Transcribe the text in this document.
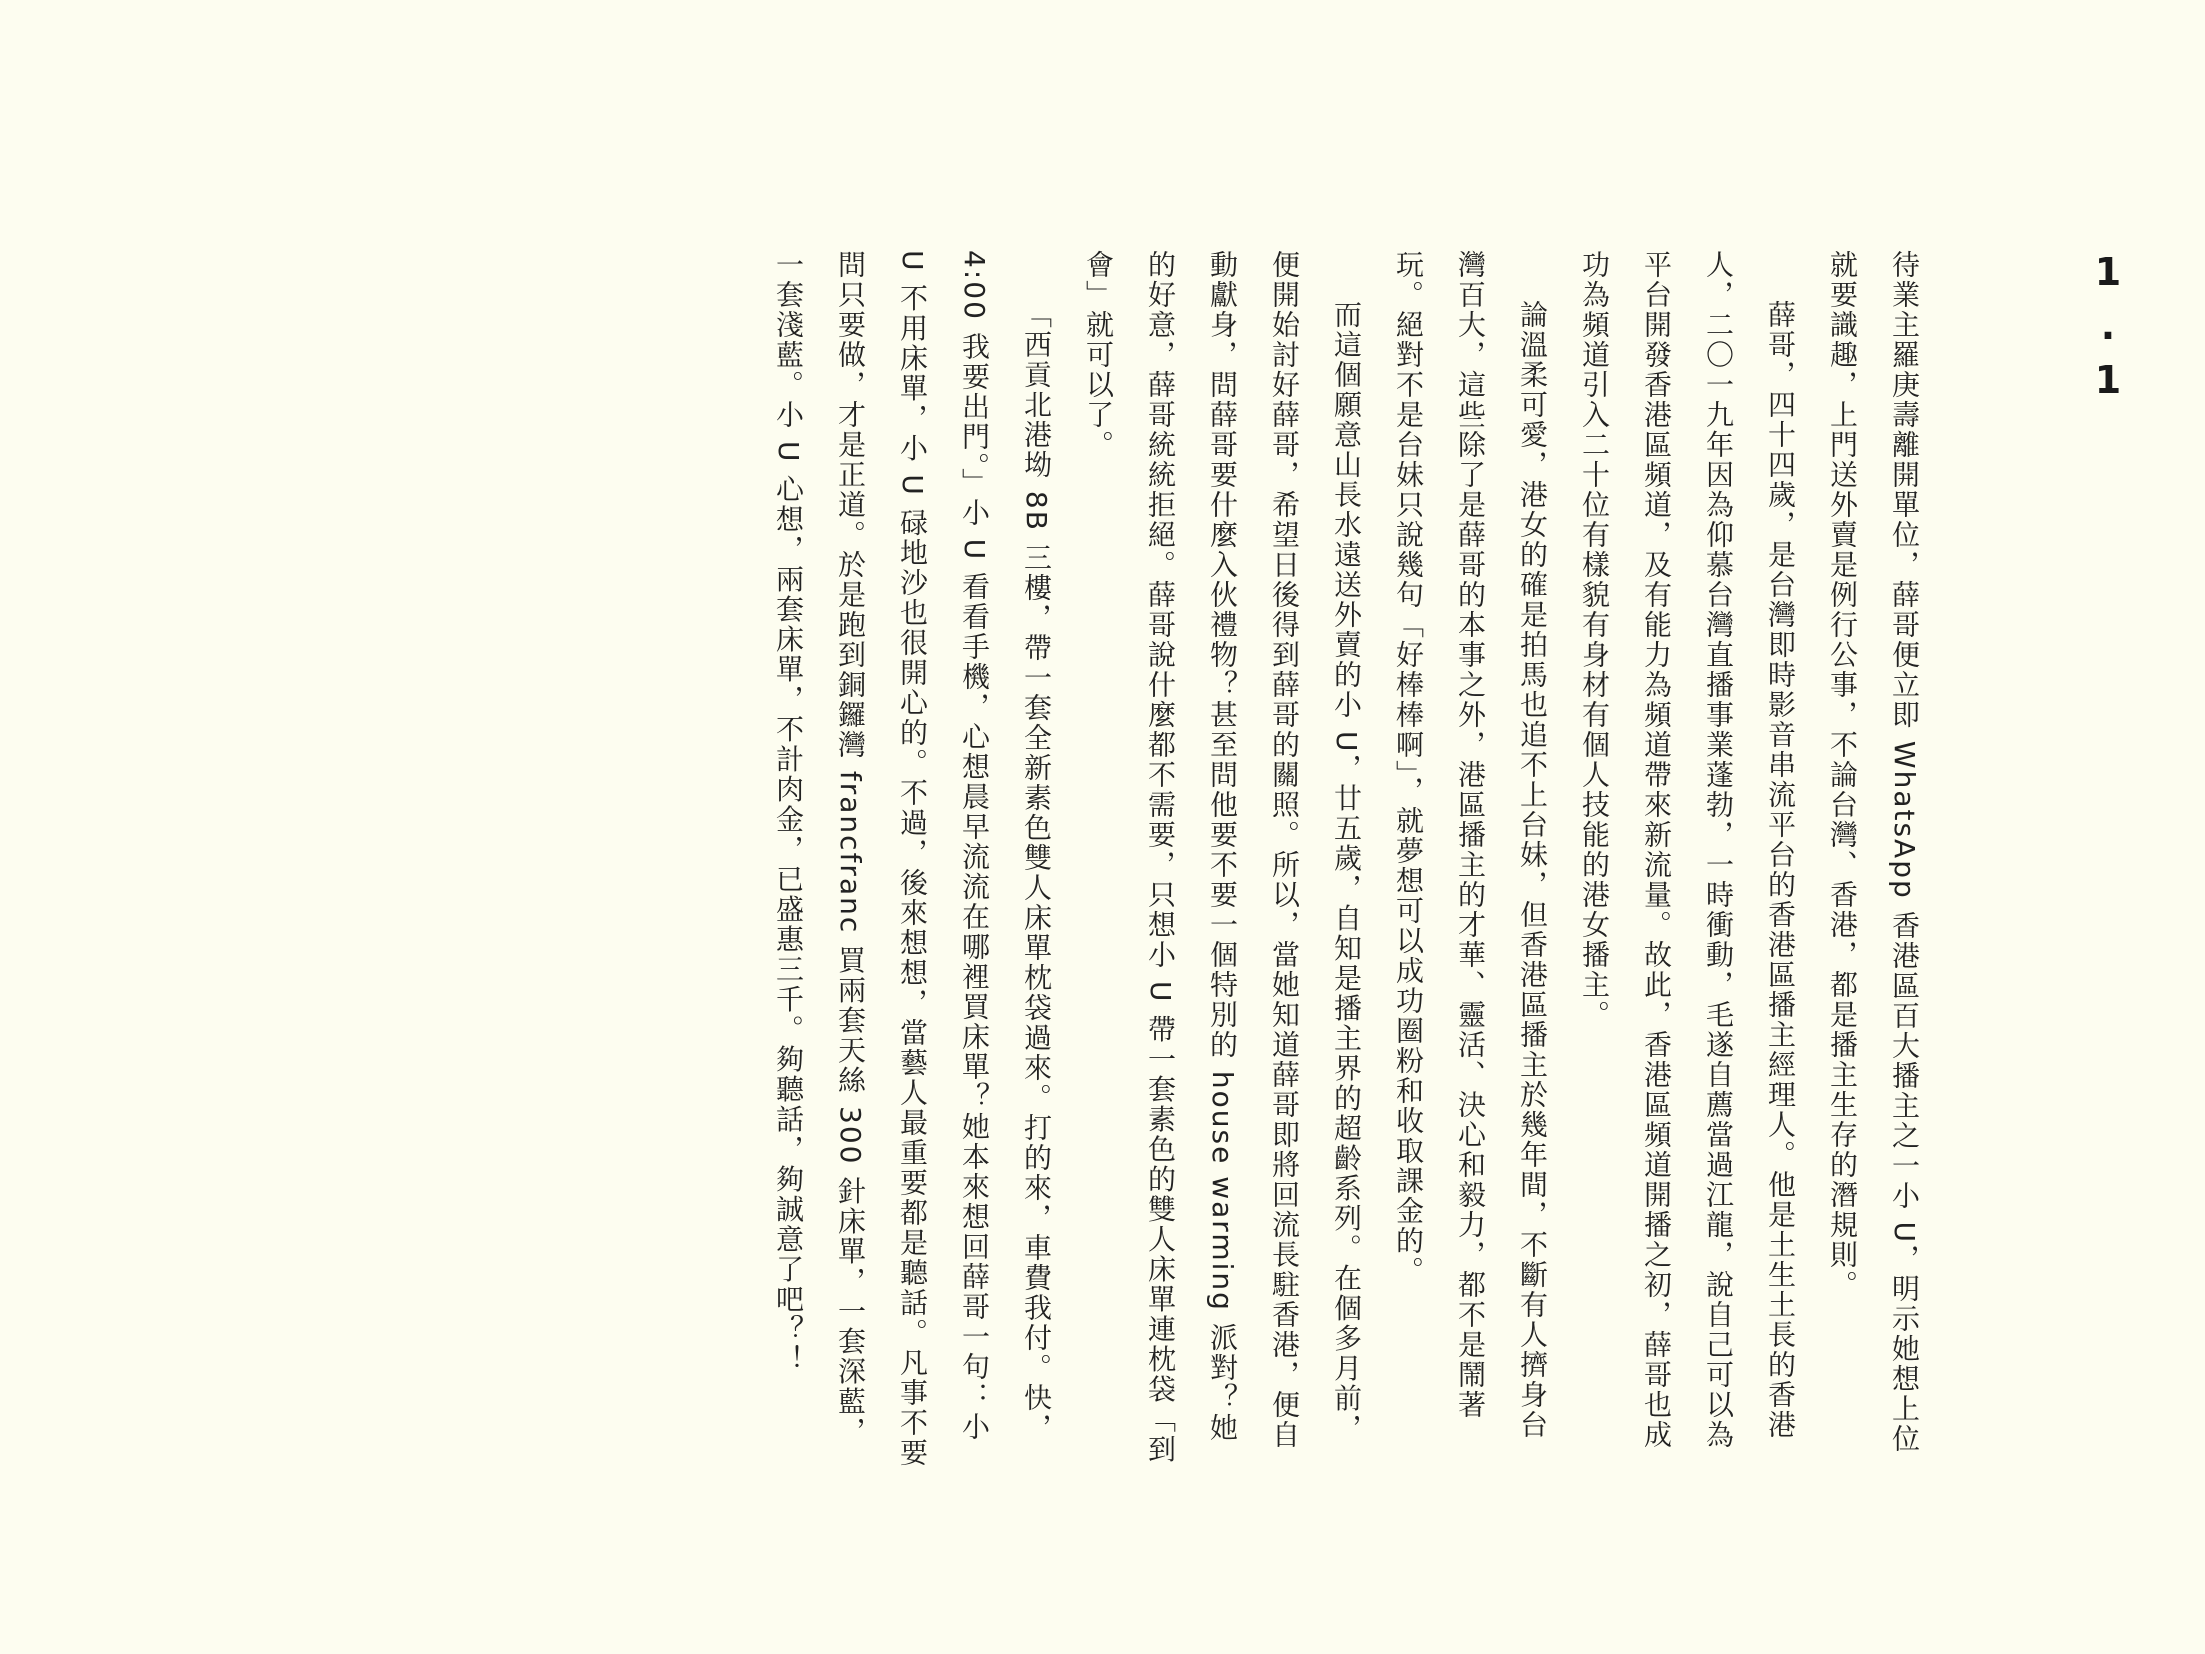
1.1

待業主羅庚壽離開單位，薛哥便立即 WhatsApp 香港區百大播主之一小 U，明示她想上位就要識趣，上門送外賣是例行公事，不論台灣、香港，都是播主生存的潛規則。

薛哥，四十四歲，是台灣即時影音串流平台的香港區播主經理人。他是土生土長的香港人，二〇一九年因為仰慕台灣直播事業蓬勃，一時衝動，毛遂自薦當過江龍，說自己可以為平台開發香港區頻道，及有能力為頻道帶來新流量。故此，香港區頻道開播之初，薛哥也成功為頻道引入二十位有樣貌有身材有個人技能的港女播主。

論溫柔可愛，港女的確是拍馬也追不上台妹，但香港區播主於幾年間，不斷有人擠身台灣百大，這些除了是薛哥的本事之外，港區播主的才華、靈活、決心和毅力，都不是鬧著玩。絕對不是台妹只說幾句「好棒棒啊」，就夢想可以成功圈粉和收取課金的。

而這個願意山長水遠送外賣的小 U，廿五歲，自知是播主界的超齡系列。在個多月前，便開始討好薛哥，希望日後得到薛哥的關照。所以，當她知道薛哥即將回流長駐香港，便自動獻身，問薛哥要什麼入伙禮物？甚至問他要不要一個特別的 house warming 派對？她的好意，薛哥統統拒絕。薛哥說什麼都不需要，只想小 U 帶一套素色的雙人床單連枕袋「到會」就可以了。

「西貢北港坳 8B 三樓，帶一套全新素色雙人床單枕袋過來。打的來，車費我付。快，4:00 我要出門。」小 U 看看手機，心想晨早流流在哪裡買床單？她本來想回薛哥一句：小 U 不用床單，小 U 碌地沙也很開心的。不過，後來想想，當藝人最重要都是聽話。凡事不要問只要做，才是正道。於是跑到銅鑼灣 francfranc 買兩套天絲 300 針床單，一套深藍，一套淺藍。小 U 心想，兩套床單，不計肉金，已盛惠三千。夠聽話，夠誠意了吧？！
